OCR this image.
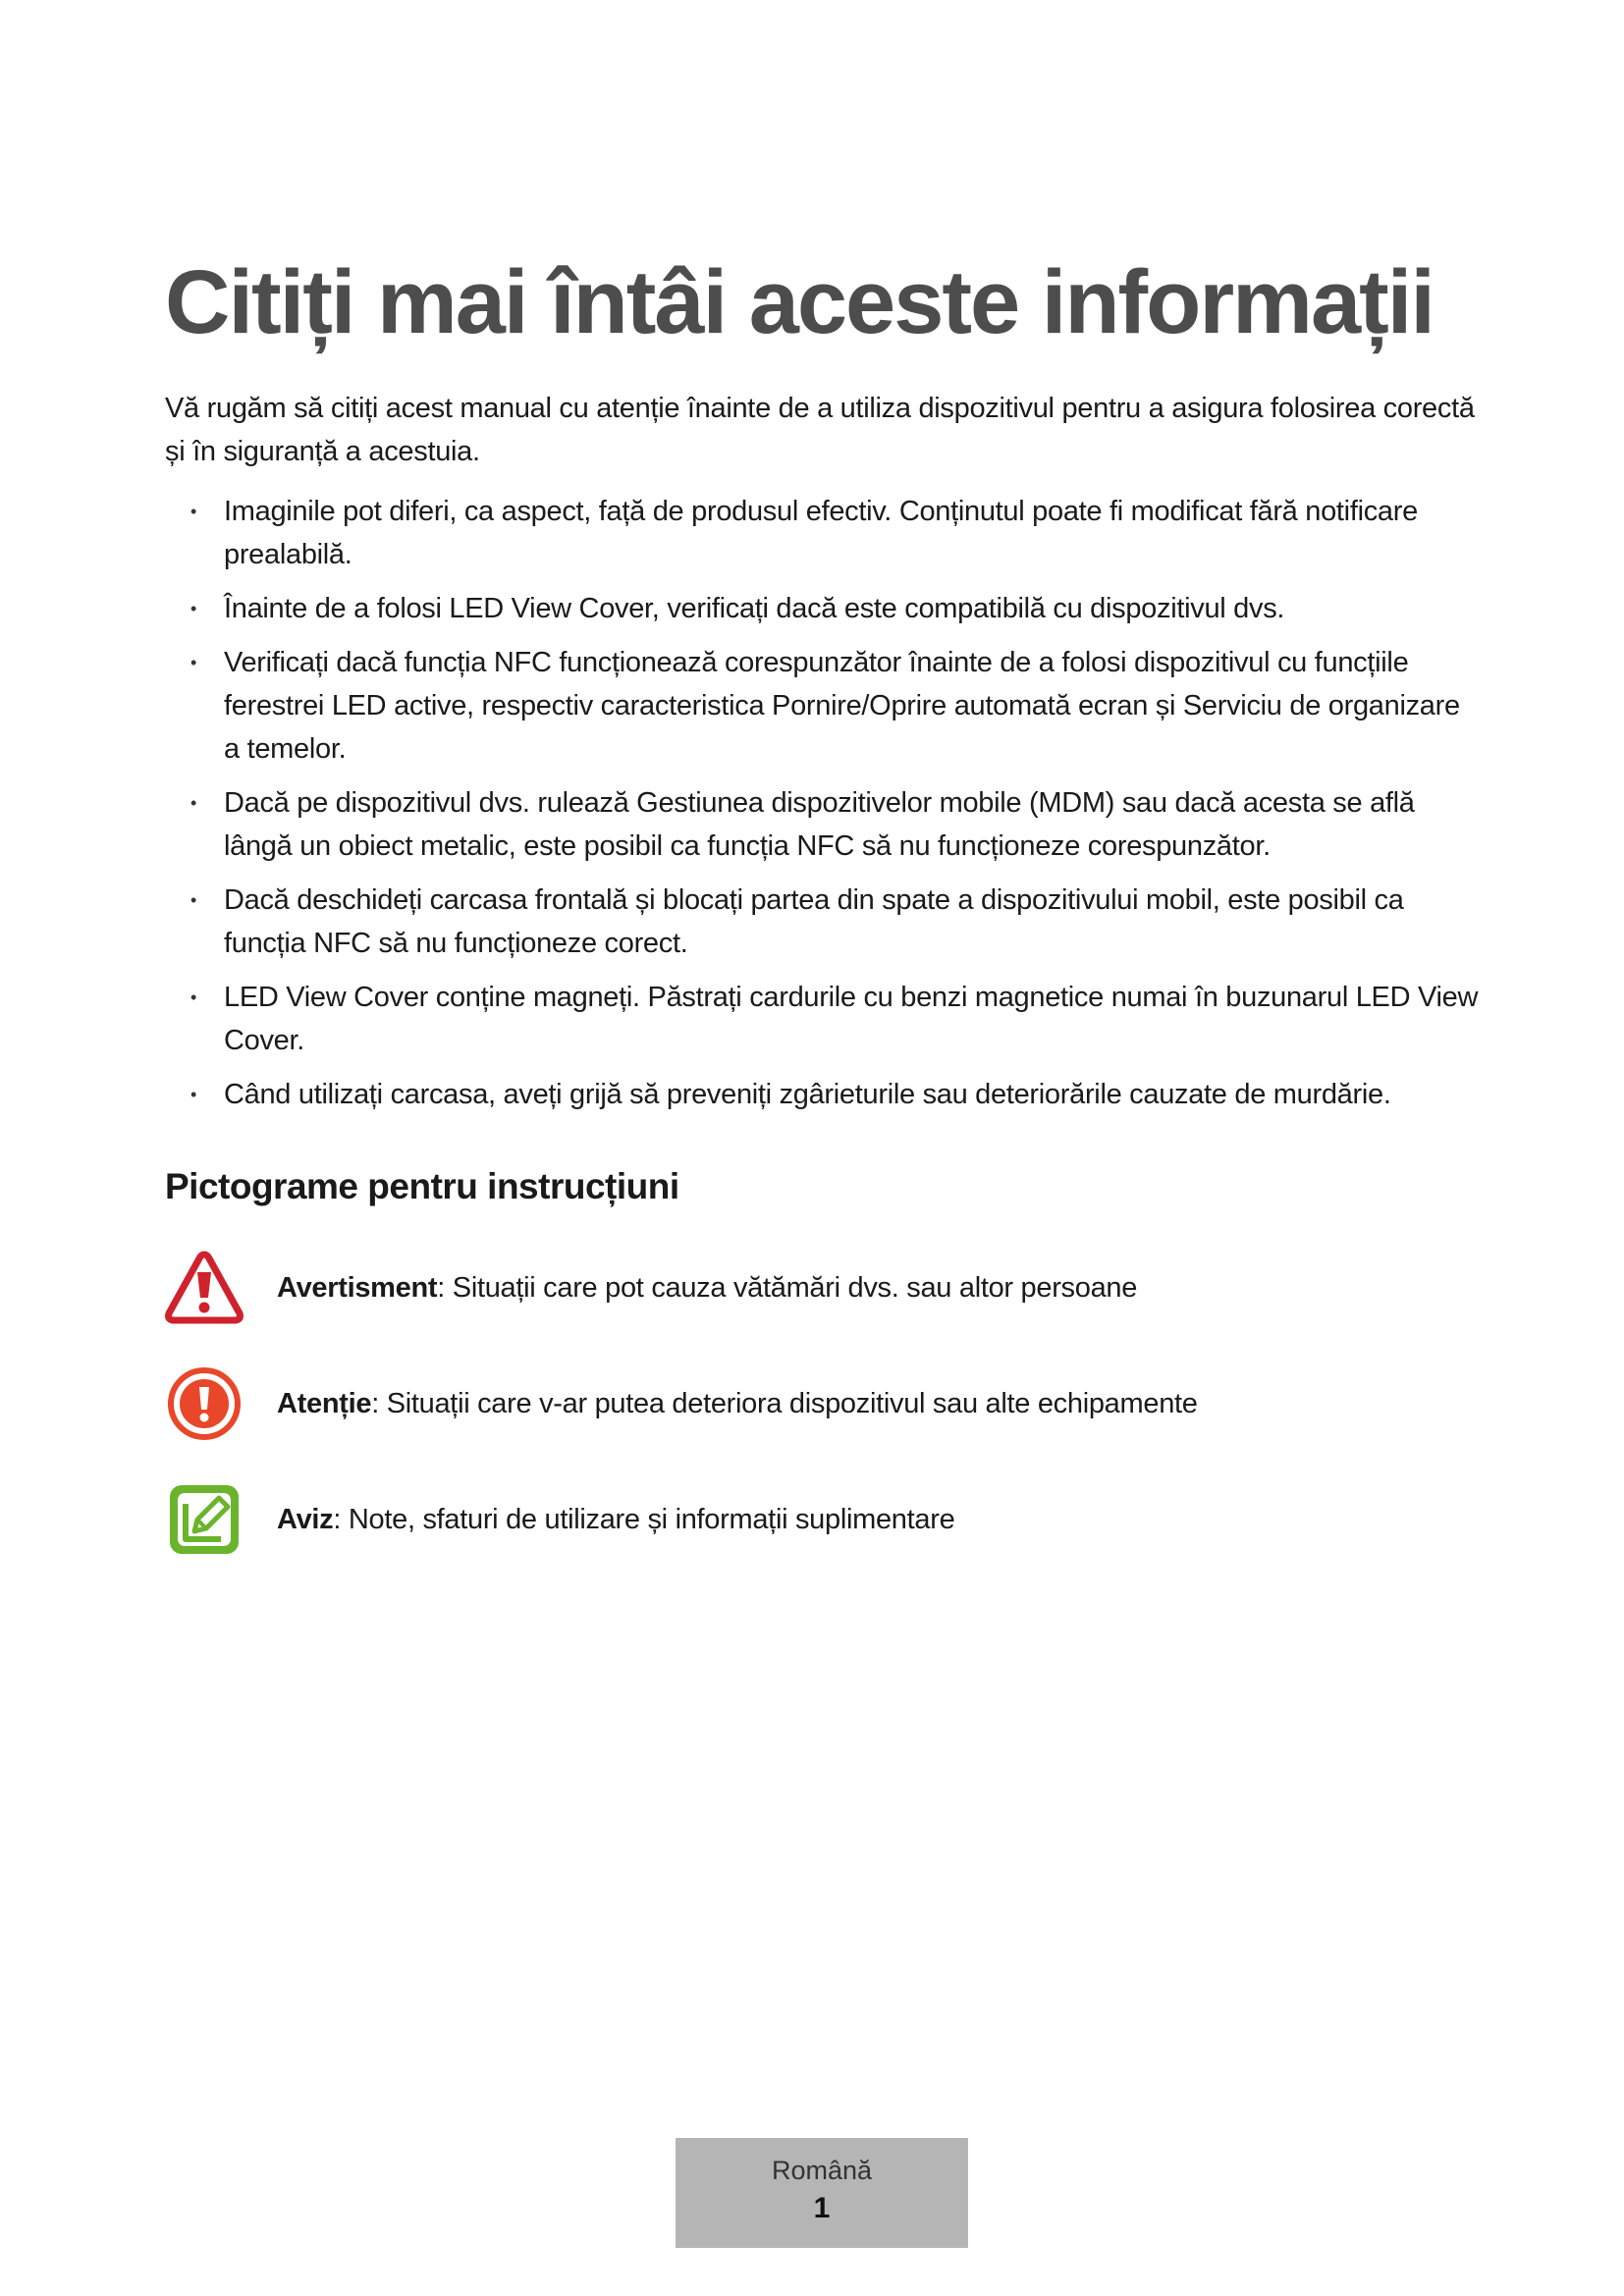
Citiți mai întâi aceste informații

Vă rugăm să citiți acest manual cu atenție înainte de a utiliza dispozitivul pentru a asigura folosirea corectă și în siguranță a acestuia.

• Imaginile pot diferi, ca aspect, față de produsul efectiv. Conținutul poate fi modificat fără notificare prealabilă.
• Înainte de a folosi LED View Cover, verificați dacă este compatibilă cu dispozitivul dvs.
• Verificați dacă funcția NFC funcționează corespunzător înainte de a folosi dispozitivul cu funcțiile ferestrei LED active, respectiv caracteristica Pornire/Oprire automată ecran și Serviciu de organizare a temelor.
• Dacă pe dispozitivul dvs. rulează Gestiunea dispozitivelor mobile (MDM) sau dacă acesta se află lângă un obiect metalic, este posibil ca funcția NFC să nu funcționeze corespunzător.
• Dacă deschideți carcasa frontală și blocați partea din spate a dispozitivului mobil, este posibil ca funcția NFC să nu funcționeze corect.
• LED View Cover conține magneți. Păstrați cardurile cu benzi magnetice numai în buzunarul LED View Cover.
• Când utilizați carcasa, aveți grijă să preveniți zgârieturile sau deteriorările cauzate de murdărie.
Pictograme pentru instrucțiuni
Avertisment: Situații care pot cauza vătămări dvs. sau altor persoane
Atenție: Situații care v-ar putea deteriora dispozitivul sau alte echipamente
Aviz: Note, sfaturi de utilizare și informații suplimentare
Română
1
